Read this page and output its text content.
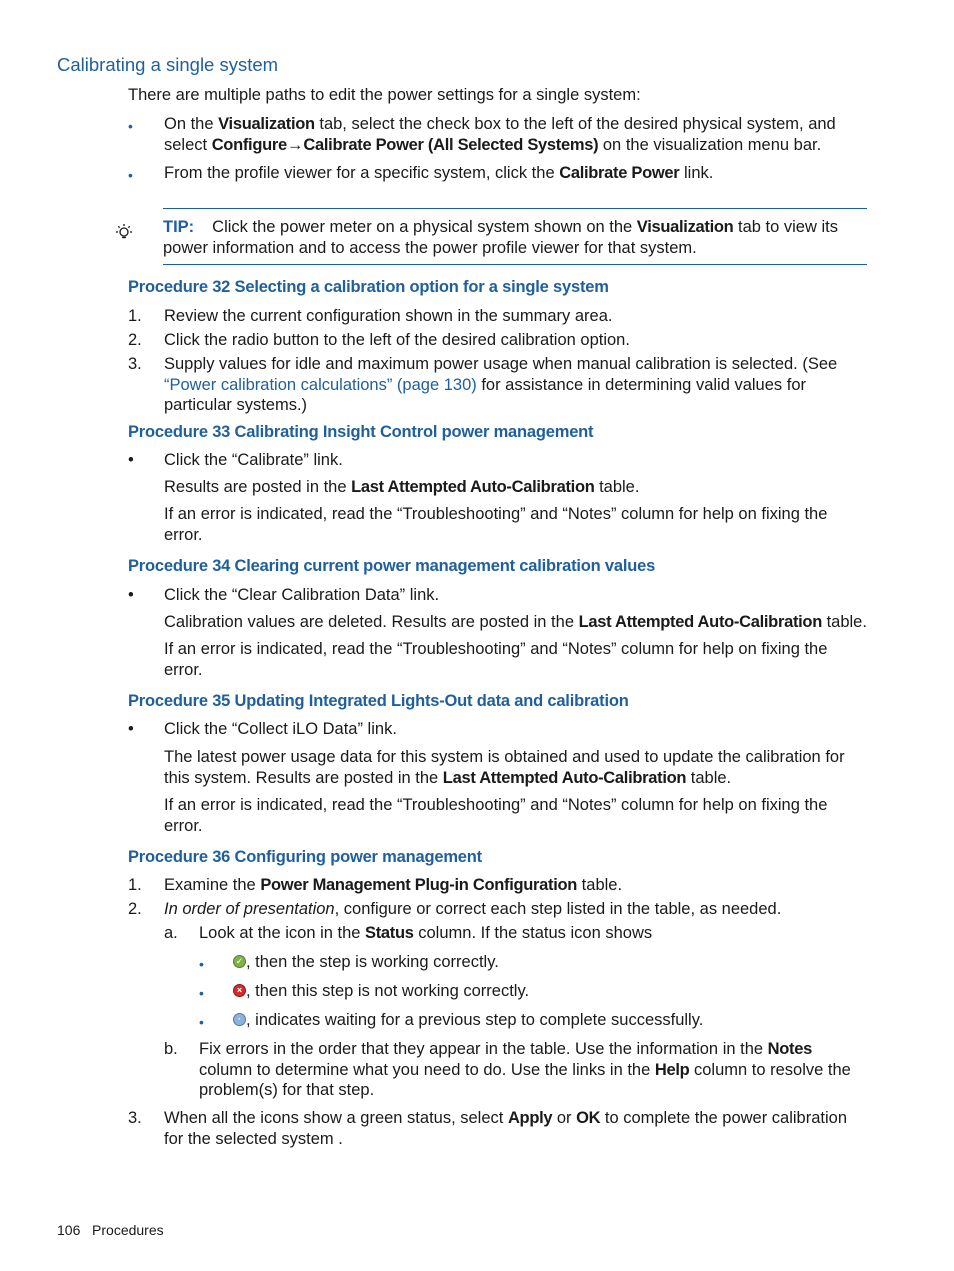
Calibrating a single system
There are multiple paths to edit the power settings for a single system:
• On the Visualization tab, select the check box to the left of the desired physical system, and
select Configure→Calibrate Power (All Selected Systems) on the visualization menu bar.
• From the profile viewer for a specific system, click the Calibrate Power link.
TIP: Click the power meter on a physical system shown on the Visualization tab to view its
power information and to access the power profile viewer for that system.
Procedure 32 Selecting a calibration option for a single system
1. Review the current configuration shown in the summary area.
2. Click the radio button to the left of the desired calibration option.
3. Supply values for idle and maximum power usage when manual calibration is selected. (See
“Power calibration calculations” (page 130) for assistance in determining valid values for
particular systems.)
Procedure 33 Calibrating Insight Control power management
• Click the “Calibrate” link.
Results are posted in the Last Attempted Auto-Calibration table.
If an error is indicated, read the “Troubleshooting” and “Notes” column for help on fixing the
error.
Procedure 34 Clearing current power management calibration values
• Click the “Clear Calibration Data” link.
Calibration values are deleted. Results are posted in the Last Attempted Auto-Calibration table.
If an error is indicated, read the “Troubleshooting” and “Notes” column for help on fixing the
error.
Procedure 35 Updating Integrated Lights-Out data and calibration
• Click the “Collect iLO Data” link.
The latest power usage data for this system is obtained and used to update the calibration for
this system. Results are posted in the Last Attempted Auto-Calibration table.
If an error is indicated, read the “Troubleshooting” and “Notes” column for help on fixing the
error.
Procedure 36 Configuring power management
1. Examine the Power Management Plug-in Configuration table.
2. In order of presentation, configure or correct each step listed in the table, as needed.
a. Look at the icon in the Status column. If the status icon shows
•	✓ , then the step is working correctly.
•	× , then this step is not working correctly.
•	· , indicates waiting for a previous step to complete successfully.
b. Fix errors in the order that they appear in the table. Use the information in the Notes
column to determine what you need to do. Use the links in the Help column to resolve the
problem(s) for that step.
3. When all the icons show a green status, select Apply or OK to complete the power calibration
for the selected system .
106 Procedures
